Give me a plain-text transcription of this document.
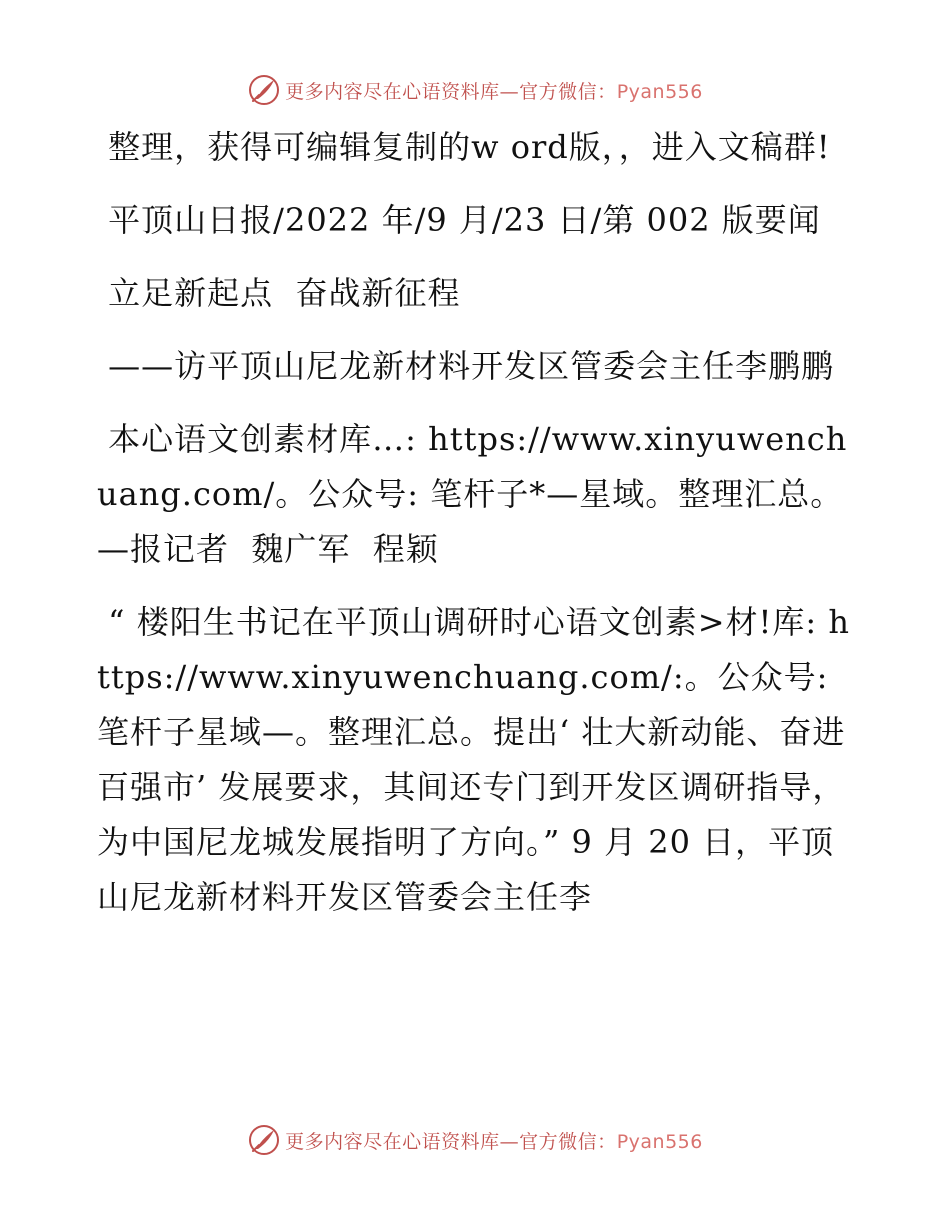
更多内容尽在心语资料库—官方微信：Pyan556

整理，获得可编辑复制的w ord版，，进入文稿群!

平顶山日报/2022 年/9 月/23 日/第 002 版要闻

立足新起点  奋战新征程

——访平顶山尼龙新材料开发区管委会主任李鹏鹏

本心语文创素材库…: https://www.xinyuwenchuang.com/。公众号: 笔杆子*—星域。整理汇总。—报记者  魏广军  程颖

“ 楼阳生书记在平顶山调研时心语文创素>材!库: https://www.xinyuwenchuang.com/:。公众号: 笔杆子星域—。整理汇总。提出‘ 壮大新动能、奋进百强市’ 发展要求，其间还专门到开发区调研指导，为中国尼龙城发展指明了方向。” 9 月 20 日，平顶山尼龙新材料开发区管委会主任李

更多内容尽在心语资料库—官方微信：Pyan556
